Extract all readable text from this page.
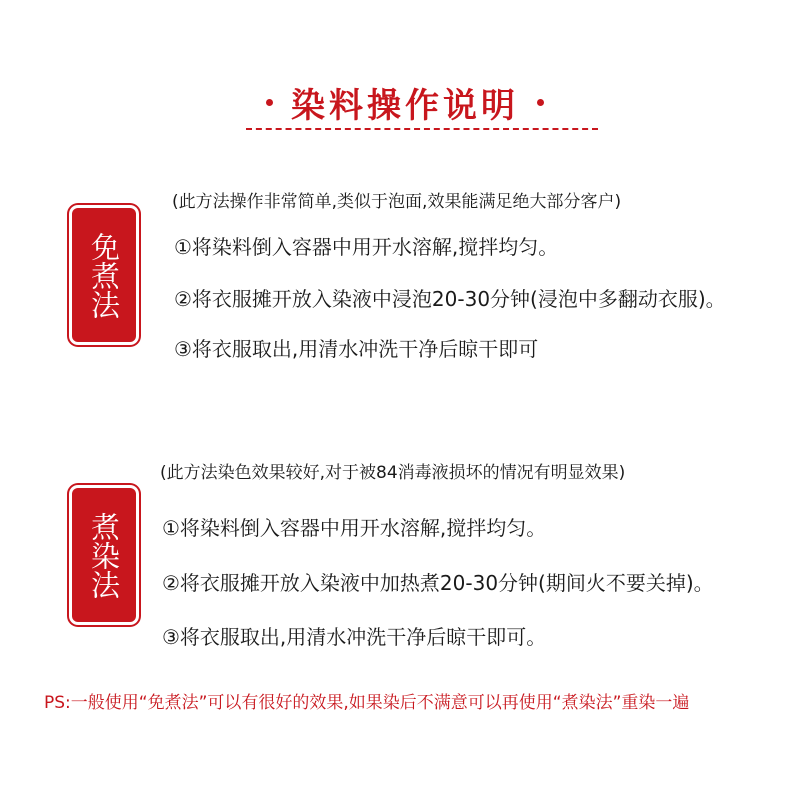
染料操作说明
免煮法
(此方法操作非常简单,类似于泡面,效果能满足绝大部分客户)
①将染料倒入容器中用开水溶解,搅拌均匀。
②将衣服摊开放入染液中浸泡20-30分钟(浸泡中多翻动衣服)。
③将衣服取出,用清水冲洗干净后晾干即可
煮染法
(此方法染色效果较好,对于被84消毒液损坏的情况有明显效果)
①将染料倒入容器中用开水溶解,搅拌均匀。
②将衣服摊开放入染液中加热煮20-30分钟(期间火不要关掉)。
③将衣服取出,用清水冲洗干净后晾干即可。
PS:一般使用“免煮法”可以有很好的效果,如果染后不满意可以再使用“煮染法”重染一遍
